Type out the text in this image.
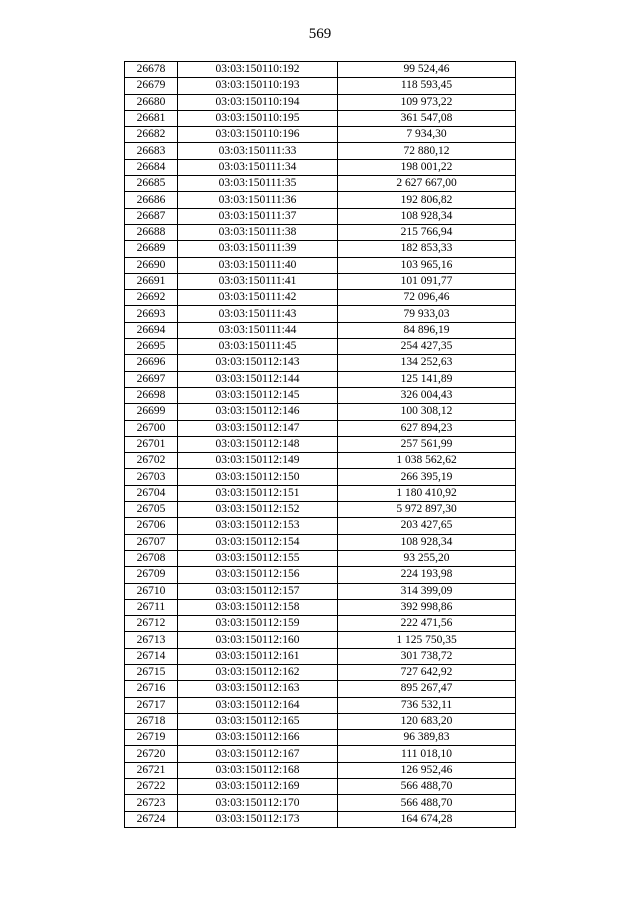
569
26678	03:03:150110:192	99 524,46
26679	03:03:150110:193	118 593,45
26680	03:03:150110:194	109 973,22
26681	03:03:150110:195	361 547,08
26682	03:03:150110:196	7 934,30
26683	03:03:150111:33	72 880,12
26684	03:03:150111:34	198 001,22
26685	03:03:150111:35	2 627 667,00
26686	03:03:150111:36	192 806,82
26687	03:03:150111:37	108 928,34
26688	03:03:150111:38	215 766,94
26689	03:03:150111:39	182 853,33
26690	03:03:150111:40	103 965,16
26691	03:03:150111:41	101 091,77
26692	03:03:150111:42	72 096,46
26693	03:03:150111:43	79 933,03
26694	03:03:150111:44	84 896,19
26695	03:03:150111:45	254 427,35
26696	03:03:150112:143	134 252,63
26697	03:03:150112:144	125 141,89
26698	03:03:150112:145	326 004,43
26699	03:03:150112:146	100 308,12
26700	03:03:150112:147	627 894,23
26701	03:03:150112:148	257 561,99
26702	03:03:150112:149	1 038 562,62
26703	03:03:150112:150	266 395,19
26704	03:03:150112:151	1 180 410,92
26705	03:03:150112:152	5 972 897,30
26706	03:03:150112:153	203 427,65
26707	03:03:150112:154	108 928,34
26708	03:03:150112:155	93 255,20
26709	03:03:150112:156	224 193,98
26710	03:03:150112:157	314 399,09
26711	03:03:150112:158	392 998,86
26712	03:03:150112:159	222 471,56
26713	03:03:150112:160	1 125 750,35
26714	03:03:150112:161	301 738,72
26715	03:03:150112:162	727 642,92
26716	03:03:150112:163	895 267,47
26717	03:03:150112:164	736 532,11
26718	03:03:150112:165	120 683,20
26719	03:03:150112:166	96 389,83
26720	03:03:150112:167	111 018,10
26721	03:03:150112:168	126 952,46
26722	03:03:150112:169	566 488,70
26723	03:03:150112:170	566 488,70
26724	03:03:150112:173	164 674,28
